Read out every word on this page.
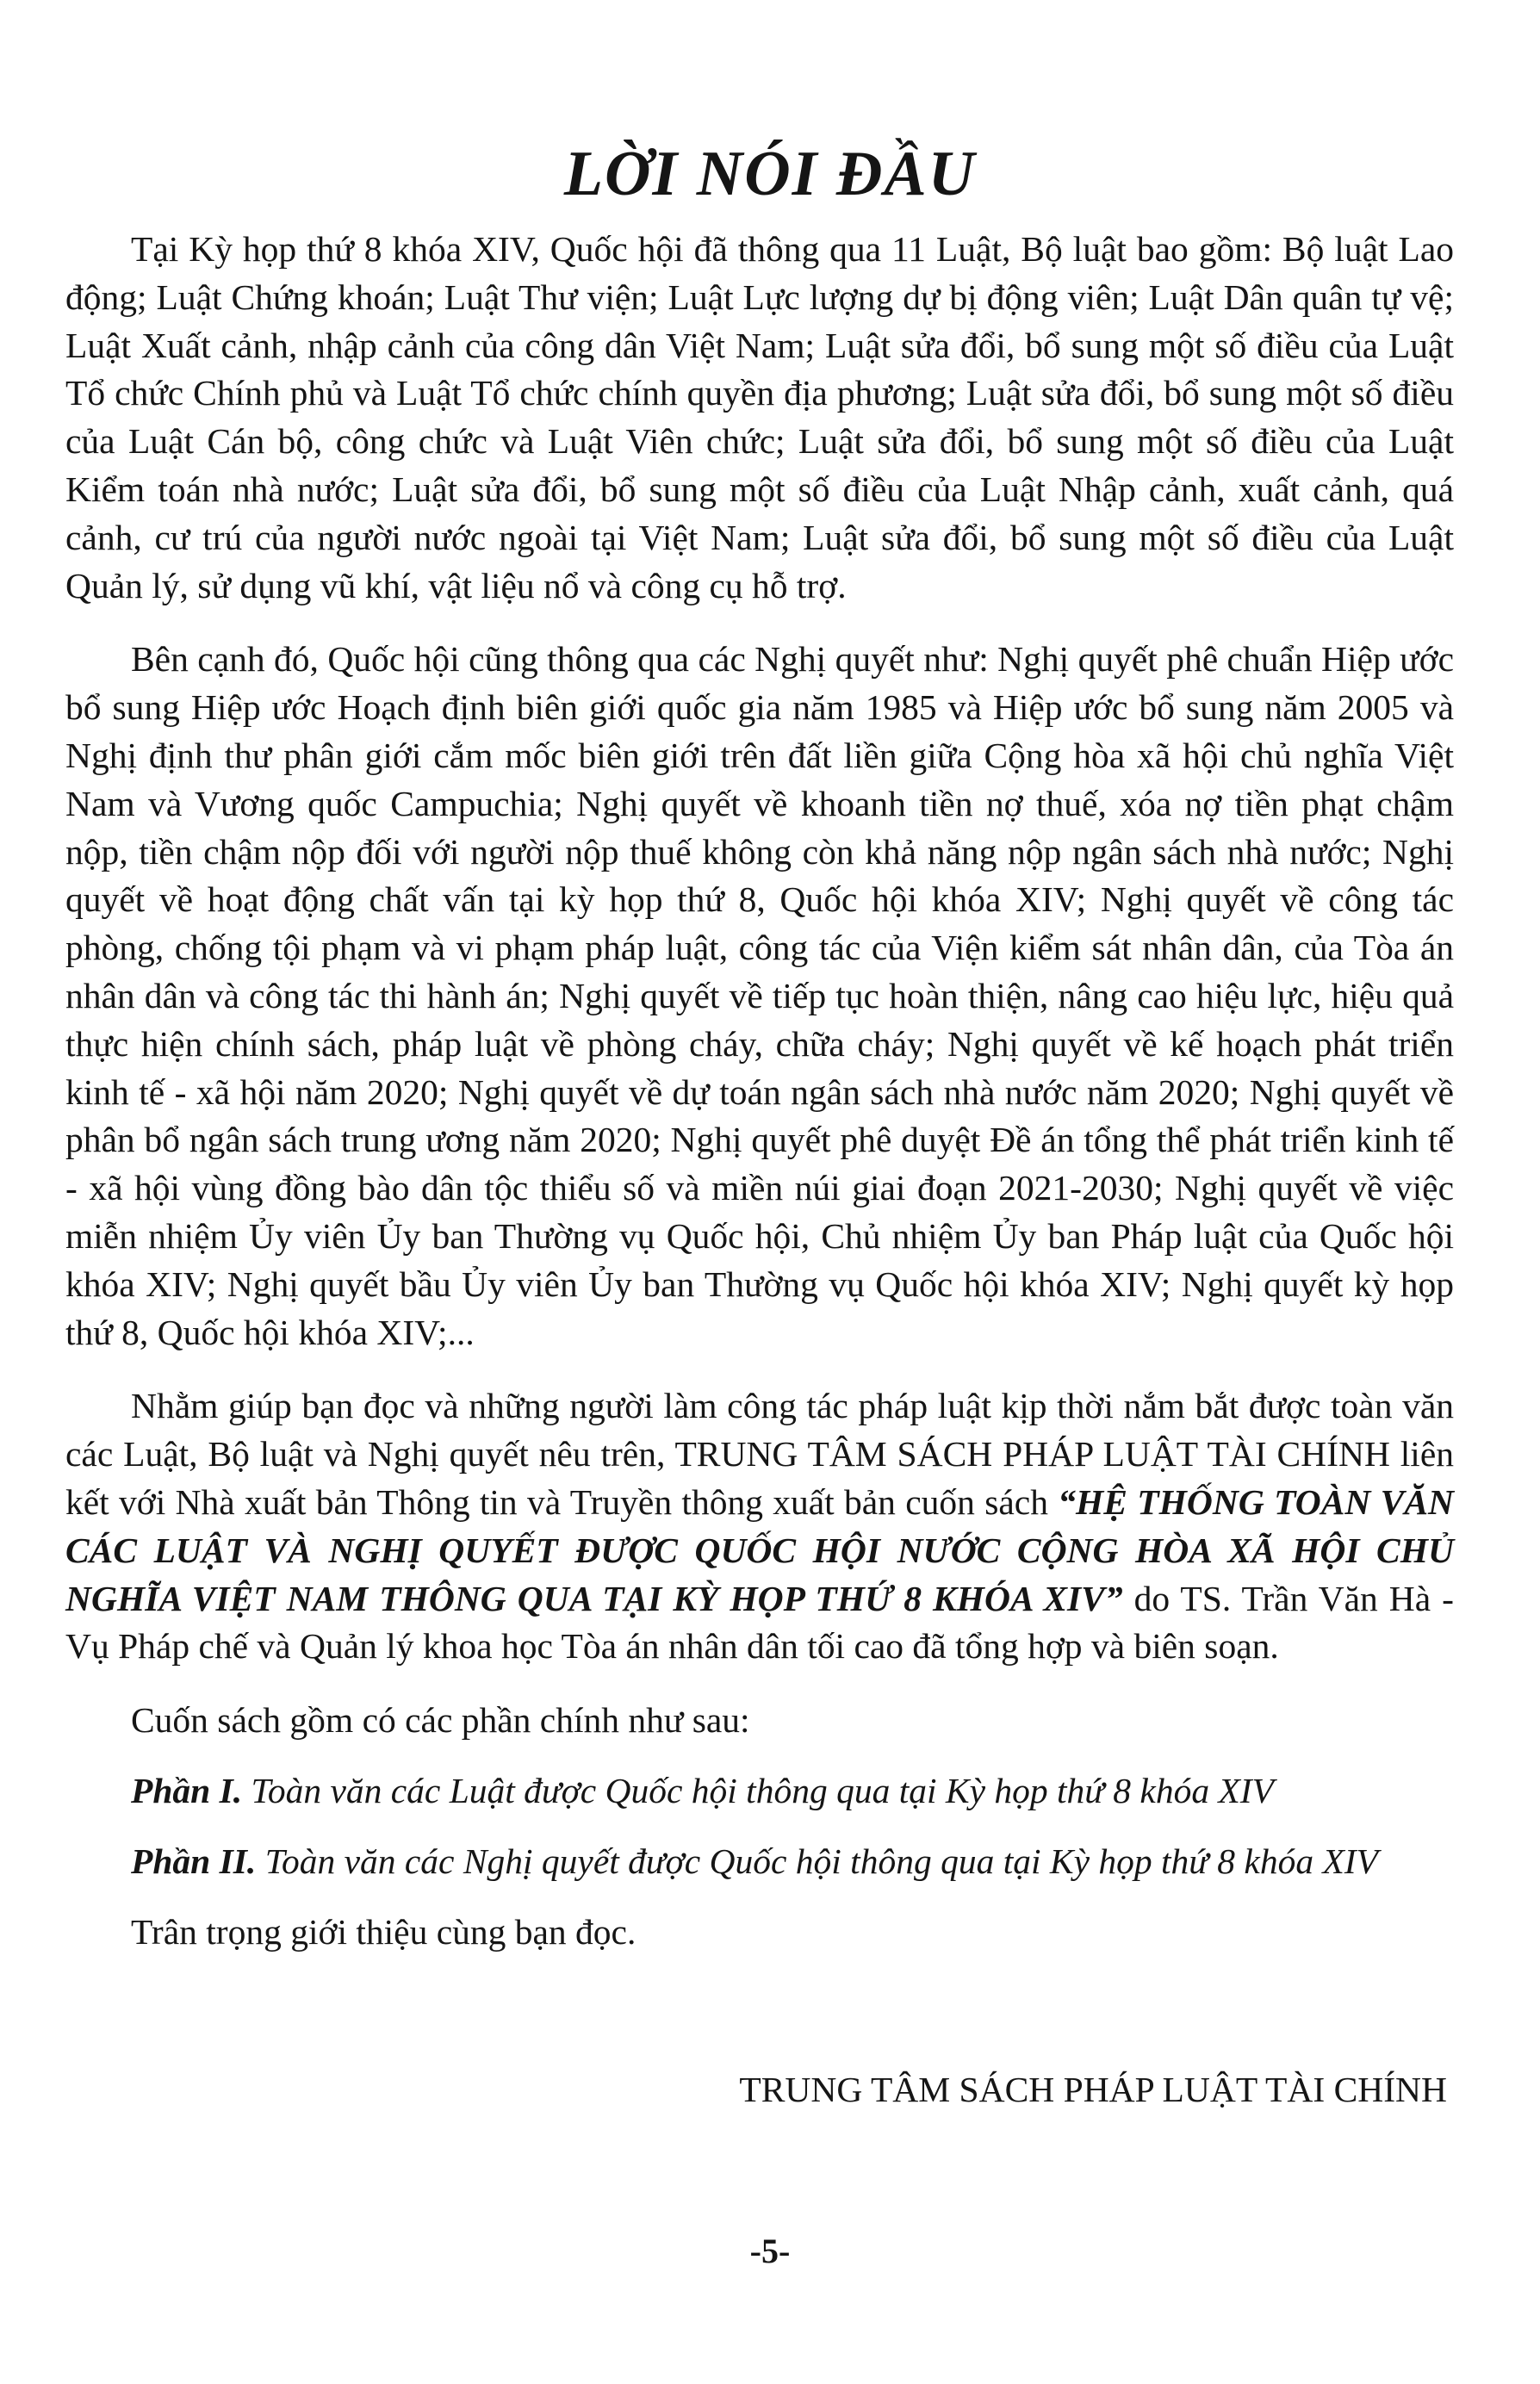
LỜI NÓI ĐẦU

Tại Kỳ họp thứ 8 khóa XIV, Quốc hội đã thông qua 11 Luật, Bộ luật bao gồm: Bộ luật Lao động; Luật Chứng khoán; Luật Thư viện; Luật Lực lượng dự bị động viên; Luật Dân quân tự vệ; Luật Xuất cảnh, nhập cảnh của công dân Việt Nam; Luật sửa đổi, bổ sung một số điều của Luật Tổ chức Chính phủ và Luật Tổ chức chính quyền địa phương; Luật sửa đổi, bổ sung một số điều của Luật Cán bộ, công chức và Luật Viên chức; Luật sửa đổi, bổ sung một số điều của Luật Kiểm toán nhà nước; Luật sửa đổi, bổ sung một số điều của Luật Nhập cảnh, xuất cảnh, quá cảnh, cư trú của người nước ngoài tại Việt Nam; Luật sửa đổi, bổ sung một số điều của Luật Quản lý, sử dụng vũ khí, vật liệu nổ và công cụ hỗ trợ.

Bên cạnh đó, Quốc hội cũng thông qua các Nghị quyết như: Nghị quyết phê chuẩn Hiệp ước bổ sung Hiệp ước Hoạch định biên giới quốc gia năm 1985 và Hiệp ước bổ sung năm 2005 và Nghị định thư phân giới cắm mốc biên giới trên đất liền giữa Cộng hòa xã hội chủ nghĩa Việt Nam và Vương quốc Campuchia; Nghị quyết về khoanh tiền nợ thuế, xóa nợ tiền phạt chậm nộp, tiền chậm nộp đối với người nộp thuế không còn khả năng nộp ngân sách nhà nước; Nghị quyết về hoạt động chất vấn tại kỳ họp thứ 8, Quốc hội khóa XIV; Nghị quyết về công tác phòng, chống tội phạm và vi phạm pháp luật, công tác của Viện kiểm sát nhân dân, của Tòa án nhân dân và công tác thi hành án; Nghị quyết về tiếp tục hoàn thiện, nâng cao hiệu lực, hiệu quả thực hiện chính sách, pháp luật về phòng cháy, chữa cháy; Nghị quyết về kế hoạch phát triển kinh tế - xã hội năm 2020; Nghị quyết về dự toán ngân sách nhà nước năm 2020; Nghị quyết về phân bổ ngân sách trung ương năm 2020; Nghị quyết phê duyệt Đề án tổng thể phát triển kinh tế - xã hội vùng đồng bào dân tộc thiểu số và miền núi giai đoạn 2021-2030; Nghị quyết về việc miễn nhiệm Ủy viên Ủy ban Thường vụ Quốc hội, Chủ nhiệm Ủy ban Pháp luật của Quốc hội khóa XIV; Nghị quyết bầu Ủy viên Ủy ban Thường vụ Quốc hội khóa XIV; Nghị quyết kỳ họp thứ 8, Quốc hội khóa XIV;...

Nhằm giúp bạn đọc và những người làm công tác pháp luật kịp thời nắm bắt được toàn văn các Luật, Bộ luật và Nghị quyết nêu trên, TRUNG TÂM SÁCH PHÁP LUẬT TÀI CHÍNH liên kết với Nhà xuất bản Thông tin và Truyền thông xuất bản cuốn sách “HỆ THỐNG TOÀN VĂN CÁC LUẬT VÀ NGHỊ QUYẾT ĐƯỢC QUỐC HỘI NƯỚC CỘNG HÒA XÃ HỘI CHỦ NGHĨA VIỆT NAM THÔNG QUA TẠI KỲ HỌP THỨ 8 KHÓA XIV” do TS. Trần Văn Hà - Vụ Pháp chế và Quản lý khoa học Tòa án nhân dân tối cao đã tổng hợp và biên soạn.

Cuốn sách gồm có các phần chính như sau:

Phần I. Toàn văn các Luật được Quốc hội thông qua tại Kỳ họp thứ 8 khóa XIV

Phần II. Toàn văn các Nghị quyết được Quốc hội thông qua tại Kỳ họp thứ 8 khóa XIV

Trân trọng giới thiệu cùng bạn đọc.

TRUNG TÂM SÁCH PHÁP LUẬT TÀI CHÍNH
-5-
